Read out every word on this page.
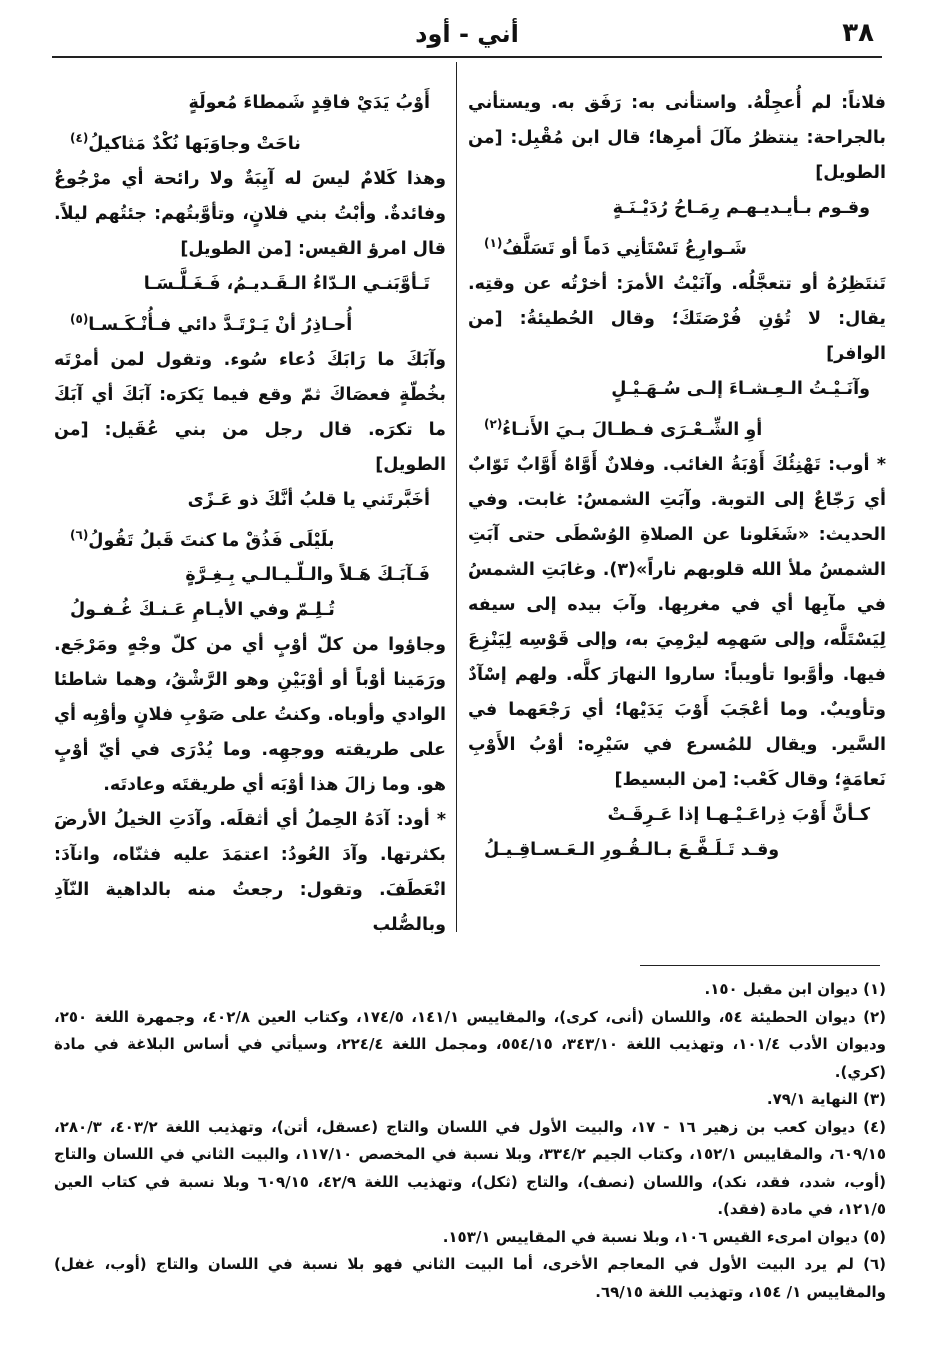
٣٨
أني - أود

فلاناً: لم أُعجِلْهُ. واستأنى به: رَفَق به. ويستأني بالجراحة: ينتظرُ مآلَ أمرِها؛ قال ابن مُقْبِل: [من الطويل]

وقـوم بـأيـديـهـم رِمَـاحُ رُدَيْـنَـةٍ
شَـوارِعُ تَسْتَأنِي دَماً أو تَسَلَّفُ$^{(١)}$

تَنتَظِرُهُ أو تتعجَّلُه. وآنَيْتُ الأمرَ: أخرْتُه عن وقتِه. يقال: لا تُؤنِ فُرْصَتَكَ؛ وقال الحُطيئةُ: [من الوافر]

وآنَـيْـتُ الـعِـشـاءَ إلـى سُـهَـيْـلٍ
أوِ الشِّـعْـرَى فـطـالَ بـيَ الأَنـاءُ$^{(٢)}$

* أوب: تَهْنِئُكَ أَوْبَةُ الغائب. وفلانٌ أَوَّاهٌ أَوَّابٌ تَوّابٌ أي رَجّاعٌ إلى التوبة. وآبَتِ الشمسُ: غابت. وفي الحديث: «شَغَلونا عن الصلاةِ الوُسْطَى حتى آبَتِ الشمسُ ملأ الله قلوبهم ناراً»(٣). وغابَتِ الشمسُ في مآبِها أي في مغربِها. وآبَ بيده إلى سيفه لِيَسْتَلَّه، وإلى سَهمِه ليرْمِيَ به، وإلى قَوْسِه لِيَنْزِعَ فيها. وأوَّبوا تأويباً: ساروا النهارَ كلَّه. ولهم إسْآدٌ وتأويبٌ. وما أعْجَبَ أَوْبَ يَدَيْها؛ أي رَجْعَهما في السَّير. ويقال للمُسرع في سَيْرِه: أوْبُ الأَوْبِ نَعامَةٍ؛ وقال كَعْب: [من البسيط]

كـأنَّ أَوْبَ ذِراعَـيْـهـا إذا عَـرِقَـتْ
وقـد تَـلَـفَّـعَ بـالـقُـورِ الـعَـسـاقِـيـلُ
أَوْبُ يَدَيْ فاقِدٍ شَمطاءَ مُعولَةٍ
ناحَتْ وجاوَبَها نُكْدٌ مَثاكيلُ$^{(٤)}$

وهذا كَلامٌ ليسَ له آيِبَةٌ ولا رائحة أي مرْجُوعٌ وفائدةٌ. وأبْتُ بني فلانٍ، وتأوَّبتُهم: جئتُهم ليلاً. قال امرؤ القيس: [من الطويل]

تَـأوَّبَنـي الـدّاءُ الـقَـديـمُ، فَـغَـلَّـسَـا
أُحـاذِرُ أنْ يَـرْتَـدَّ دائي فـأُنْـكَـسـا$^{(٥)}$

وآبَكَ ما رَابَكَ دُعاء سُوء. وتقول لمن أمرْتَه بخُطّةٍ فعصَاكَ ثمّ وقع فيما يَكرَه: آبَكَ أي آبَكَ ما تكرَه. قال رجل من بني عُقَيل: [من الطويل]

أخَبَّرتَني يا قلبُ أنَّكَ ذو عَـزًى
بلَيْلَى فَذُقْ ما كنتَ قَبلُ تَقُولُ$^{(٦)}$
فَـآبَـكَ هَـلاً والـلّـيـالـي بِـغِـرَّةٍ
تُـلِـمّ وفي الأيـامِ عَـنـكَ غُـفـولُ

وجاؤوا من كلّ أوْبٍ أي من كلّ وجْهٍ ومَرْجَع. ورَمَينا أوْباً أو أوْبَيْنِ وهو الرَّشْقُ، وهما شاطئا الوادي وأوباه. وكنتُ على صَوْبِ فلانٍ وأوْبِه أي على طريقته ووجهِه. وما يُدْرَى في أيّ أوْبٍ هو. وما زالَ هذا أوْبَه أي طريقتَه وعادتَه.

* أود: آدَهُ الحِملُ أي أثقلَه. وآدَتِ الخيلُ الأرضَ بكثرتها. وآدَ العُودُ: اعتمَدَ عليه فثنّاه، وانآدَ: انْعَطَفَ. وتقول: رجعتُ منه بالداهية النّآدِ وبالصُّلب

(١) ديوان ابن مقبل ١٥٠.

(٢) ديوان الحطيئة ٥٤، واللسان (أنى، كرى)، والمقاييس ١٤١/١، ١٧٤/٥، وكتاب العين ٤٠٢/٨، وجمهرة اللغة ٢٥٠، وديوان الأدب ١٠١/٤، وتهذيب اللغة ٣٤٣/١٠، ٥٥٤/١٥، ومجمل اللغة ٢٢٤/٤، وسيأتي في أساس البلاغة في مادة (كري).

(٣) النهاية ٧٩/١.

(٤) ديوان كعب بن زهير ١٦ - ١٧، والبيت الأول في اللسان والتاج (عسقل، أتن)، وتهذيب اللغة ٤٠٣/٢، ٢٨٠/٣، ٦٠٩/١٥، والمقاييس ١٥٢/١، وكتاب الجيم ٣٣٤/٢، وبلا نسبة في المخصص ١١٧/١٠، والبيت الثاني في اللسان والتاج (أوب، شدد، فقد، نكد)، واللسان (نصف)، والتاج (ثكل)، وتهذيب اللغة ٤٢/٩، ٦٠٩/١٥ وبلا نسبة في كتاب العين ١٢١/٥، في مادة (فقد).

(٥) ديوان امرىء القيس ١٠٦، وبلا نسبة في المقاييس ١٥٣/١.

(٦) لم يرد البيت الأول في المعاجم الأخرى، أما البيت الثاني فهو بلا نسبة في اللسان والتاج (أوب، غفل) والمقاييس ١/ ١٥٤، وتهذيب اللغة ٦٩/١٥.
